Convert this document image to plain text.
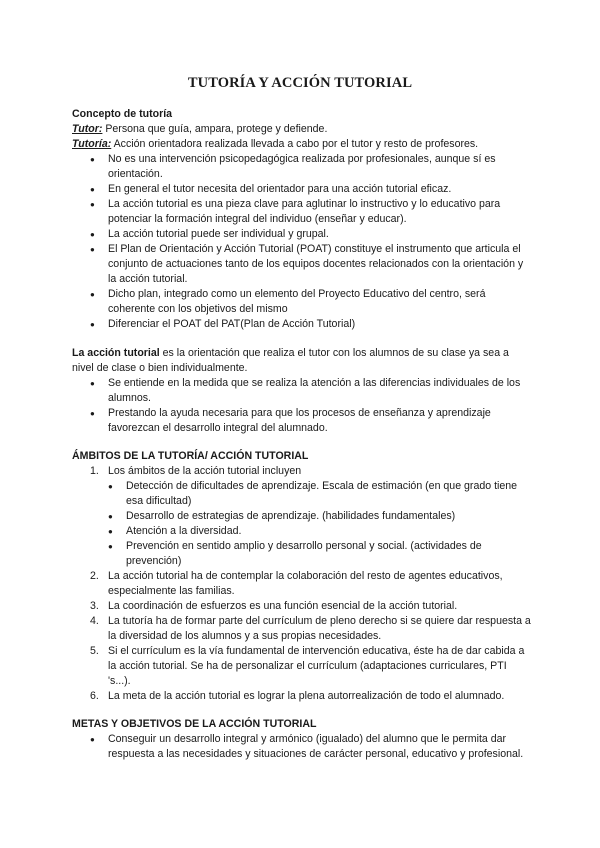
TUTORÍA Y ACCIÓN TUTORIAL

Concepto de tutoría

Tutor: Persona que guía, ampara, protege y defiende.

Tutoría: Acción orientadora realizada llevada a cabo por el tutor y resto de profesores.

● No es una intervención psicopedagógica realizada por profesionales, aunque sí es orientación.
● En general el tutor necesita del orientador para una acción tutorial eficaz.
● La acción tutorial es una pieza clave para aglutinar lo instructivo y lo educativo para potenciar la formación integral del individuo (enseñar y educar).
● La acción tutorial puede ser individual y grupal.
● El Plan de Orientación y Acción Tutorial (POAT) constituye el instrumento que articula el conjunto de actuaciones tanto de los equipos docentes relacionados con la orientación y la acción tutorial.
● Dicho plan, integrado como un elemento del Proyecto Educativo del centro, será coherente con los objetivos del mismo
● Diferenciar el POAT del PAT(Plan de Acción Tutorial)

La acción tutorial es la orientación que realiza el tutor con los alumnos de su clase ya sea a nivel de clase o bien individualmente.

● Se entiende en la medida que se realiza la atención a las diferencias individuales de los alumnos.
● Prestando la ayuda necesaria para que los procesos de enseñanza y aprendizaje favorezcan el desarrollo integral del alumnado.

ÁMBITOS DE LA TUTORÍA/ ACCIÓN TUTORIAL

1. Los ámbitos de la acción tutorial incluyen
● Detección de dificultades de aprendizaje. Escala de estimación (en que grado tiene esa dificultad)
● Desarrollo de estrategias de aprendizaje. (habilidades fundamentales)
● Atención a la diversidad.
● Prevención en sentido amplio y desarrollo personal y social. (actividades de prevención)
2. La acción tutorial ha de contemplar la colaboración del resto de agentes educativos, especialmente las familias.
3. La coordinación de esfuerzos es una función esencial de la acción tutorial.
4. La tutoría ha de formar parte del currículum de pleno derecho si se quiere dar respuesta a la diversidad de los alumnos y a sus propias necesidades.
5. Si el currículum es la vía fundamental de intervención educativa, éste ha de dar cabida a la acción tutorial. Se ha de personalizar el currículum (adaptaciones curriculares, PTI 's...).
6. La meta de la acción tutorial es lograr la plena autorrealización de todo el alumnado.

METAS Y OBJETIVOS DE LA ACCIÓN TUTORIAL

● Conseguir un desarrollo integral y armónico (igualado) del alumno que le permita dar respuesta a las necesidades y situaciones de carácter personal, educativo y profesional.
